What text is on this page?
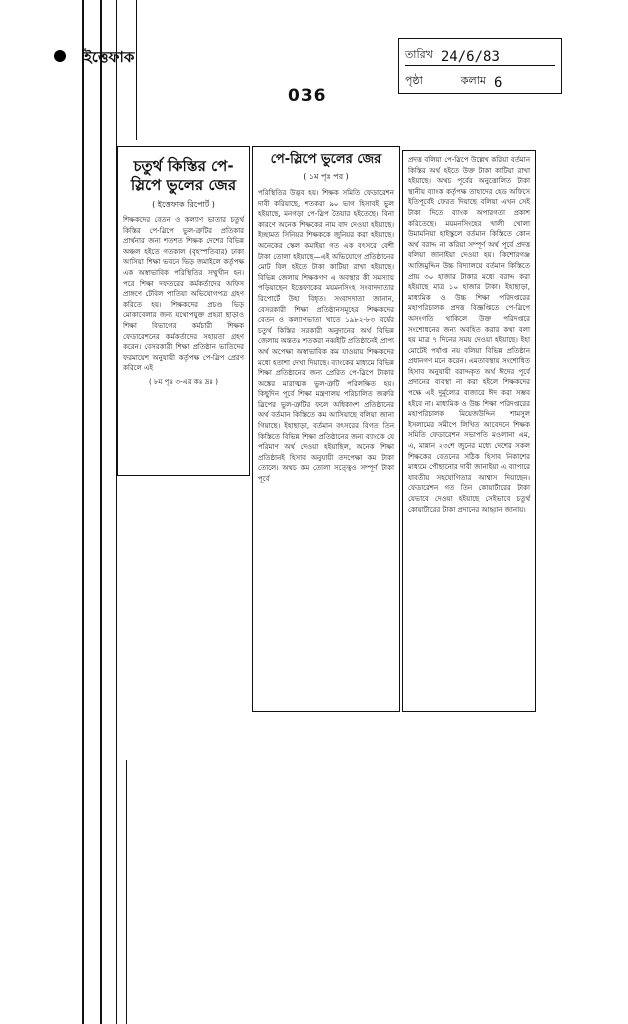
ইত্তেফাক
036
তারিখ 24/6/83
পৃষ্ঠা	কলাম 6
চতুর্থ কিস্তির পে-স্লিপে ভুলের জের
( ইত্তেফাক রিপোর্ট )

শিক্ষকদের বেতন ও কল্যাণ ভাতার চতুর্থ কিস্তির পে-স্লিপে ভুল-ত্রুটির প্রতিকার প্রার্থনার জন্য শতশত শিক্ষক দেশের বিভিন্ন অঞ্চল হইতে গতকাল (বৃহস্পতিবার) ঢাকা আসিয়া শিক্ষা ভবনে ভিড় জমাইলে কর্তৃপক্ষ এক অস্বাভাবিক পরিস্থিতির সম্মুখীন হন। পরে শিক্ষা দফতরের কর্মকর্তাদের অফিস প্রাঙ্গণে টেবিল পাতিয়া অভিযোগপত্র গ্রহণ করিতে হয়। শিক্ষকদের প্রচণ্ড ভিড় মোকাবেলার জন্য যথোপযুক্ত প্রহরা ছাড়াও শিক্ষা বিভাগের কর্মচারী শিক্ষক ফেডারেশনের কর্মকর্তাদের সহায়তা গ্রহণ করেন। বেসরকারী শিক্ষা প্রতিষ্ঠান ভাতিদের ফরমায়েশ অনুযায়ী কর্তৃপক্ষ পে-স্লিপ প্রেরণ করিলে এই

( ৮ম পৃঃ ৩-এর কঃ দ্রঃ )
পে-স্লিপে ভুলের জের
( ১ম পৃঃ পর )

পরিস্থিতির উদ্ভব হয়। শিক্ষক সমিতি ফেডারেশন দাবী করিয়াছে, শতকরা ৯০ ভাগ হিসাবই ভুল হইয়াছে, মনগড়া পে-স্লিপ তৈয়ার হইতেছে। বিনা কারণে অনেক শিক্ষকের নাম বাদ দেওয়া হইয়াছে। ইচ্ছামত সিনিয়র শিক্ষককে জুনিয়র করা হইয়াছে। অনেকের স্কেল কমাইয়া গত এক বৎসরে বেশী টাকা তোলা হইয়াছে—এই অভিযোগে প্রতিষ্ঠানের মোট বিল হইতে টাকা কাটিয়া রাখা হইয়াছে। বিভিন্ন জেলায় শিক্ষকগণ এ অবস্থার কী সমস্যায় পড়িয়াছেন ইত্তেফাকের ময়মনসিংহ সংবাদদাতার রিপোর্টে উহা বিধৃত। সংবাদদাতা জানান, বেসরকারী শিক্ষা প্রতিষ্ঠানসমূহের শিক্ষকদের বেতন ও কল্যাণভাতা খাতে ১৯৮২-৮৩ বর্ষের চতুর্থ কিস্তির সরকারী অনুদানের অর্থ বিভিন্ন জেলায় অন্ততঃ শতকরা নব্বইটি প্রতিষ্ঠানেই প্রাপ্য অর্থ অপেক্ষা অস্বাভাবিক কম যাওয়ায় শিক্ষকদের মধ্যে হতাশা দেখা দিয়াছে। ব্যাংকের মাধ্যমে বিভিন্ন শিক্ষা প্রতিষ্ঠানের জন্য প্রেরিত পে-স্লিপে টাকার অঙ্কের মারাত্মক ভুল-ত্রুটি পরিলক্ষিত হয়। কিছুদিন পূর্বে শিক্ষা মন্ত্রণালয় পরিচালিত জরুরি স্লিপের ভুল-ত্রুটির ফলে অধিকাংশ প্রতিষ্ঠানের অর্থ বর্তমান কিস্তিতে কম আসিয়াছে বলিয়া জানা গিয়াছে। ইহাছাড়া, বর্তমান বৎসরের বিগত তিন কিস্তিতে বিভিন্ন শিক্ষা প্রতিষ্ঠানের জন্য ব্যাংকে যে পরিমাণ অর্থ দেওয়া হইয়াছিল, অনেক শিক্ষা প্রতিষ্ঠানই হিসাব অনুযায়ী তদপেক্ষা কম টাকা তোলে। অথচ কম তোলা সত্ত্বেও সম্পূর্ণ টাকা পূর্বে

প্রদত্ত বলিয়া পে-স্লিপে উল্লেখ করিয়া বর্তমান কিস্তির অর্থ হইতে উক্ত টাকা কাটিয়া রাখা হইয়াছে। অথচ পূর্বের অনুত্তোলিত টাকা স্থানীয় ব্যাংক কর্তৃপক্ষ তাহাদের হেড অফিসে ইতিপূর্বেই ফেরত দিয়াছে বলিয়া এখন সেই টাকা দিতে ব্যাংক অপারগতা প্রকাশ করিতেছে। ময়মনসিংহের খালী খোলা উমামনিয়া হাইস্কুলে বর্তমান কিস্তিতে কোন অর্থ বরাদ্দ না করিয়া সম্পূর্ণ অর্থ পূর্বে প্রদত্ত বলিয়া জানাইয়া দেওয়া হয়। কিশোরগঞ্জ আজিমুদ্দিন উচ্চ বিদ্যালয়ে বর্তমান কিস্তিতে প্রায় ৩০ হাজার টাকার মধ্যে বরাদ্দ করা হইয়াছে মাত্র ১০ হাজার টাকা। ইহাছাড়া, মাধ্যমিক ও উচ্চ শিক্ষা পরিদপ্তরের মহাপরিচালক প্রদত্ত বিজ্ঞপ্তিতে পে-স্লিপে অসংগতি থাকিলে উক্ত পরিদপ্তরে সংশোধনের জন্য অবহিত করার কথা বলা হয় মাত্র ৭ দিনের সময় দেওয়া হইয়াছে। ইহা মোটেই পর্যাপ্ত নয় বলিয়া বিভিন্ন প্রতিষ্ঠান প্রধানগণ মনে করেন। এমতাবস্থায় সংশোধিত হিসাব অনুযায়ী বরাদ্দকৃত অর্থ ঈদের পূর্বে প্রদানের ব্যবস্থা না করা হইলে শিক্ষকদের পক্ষে এই দুর্মূল্যের বাজারে ঈদ করা সম্ভব হইবে না। মাধ্যমিক ও উচ্চ শিক্ষা পরিদপ্তরের মহাপরিচালক মিয়েজউদ্দিন শামসুল ইসলামের সমীপে লিখিত আবেদনে শিক্ষক সমিতি ফেডারেশন সভাপতি মওলানা এম, এ, মান্নান ২৩শে জুনের মধ্যে দেশের সকল শিক্ষকের বেতনের সঠিক হিসাব নিকাশের মাধ্যমে পৌছানোর দাবী জানাইয়া এ ব্যাপারে যাবতীয় সহযোগিতার আশ্বাস দিয়াছেন। ফেডারেশন গত তিন কোয়ার্টারের টাকা যেভাবে দেওয়া হইয়াছে সেইভাবে চতুর্থ কোয়ার্টারের টাকা প্রদানের আহ্বান জানায়।
